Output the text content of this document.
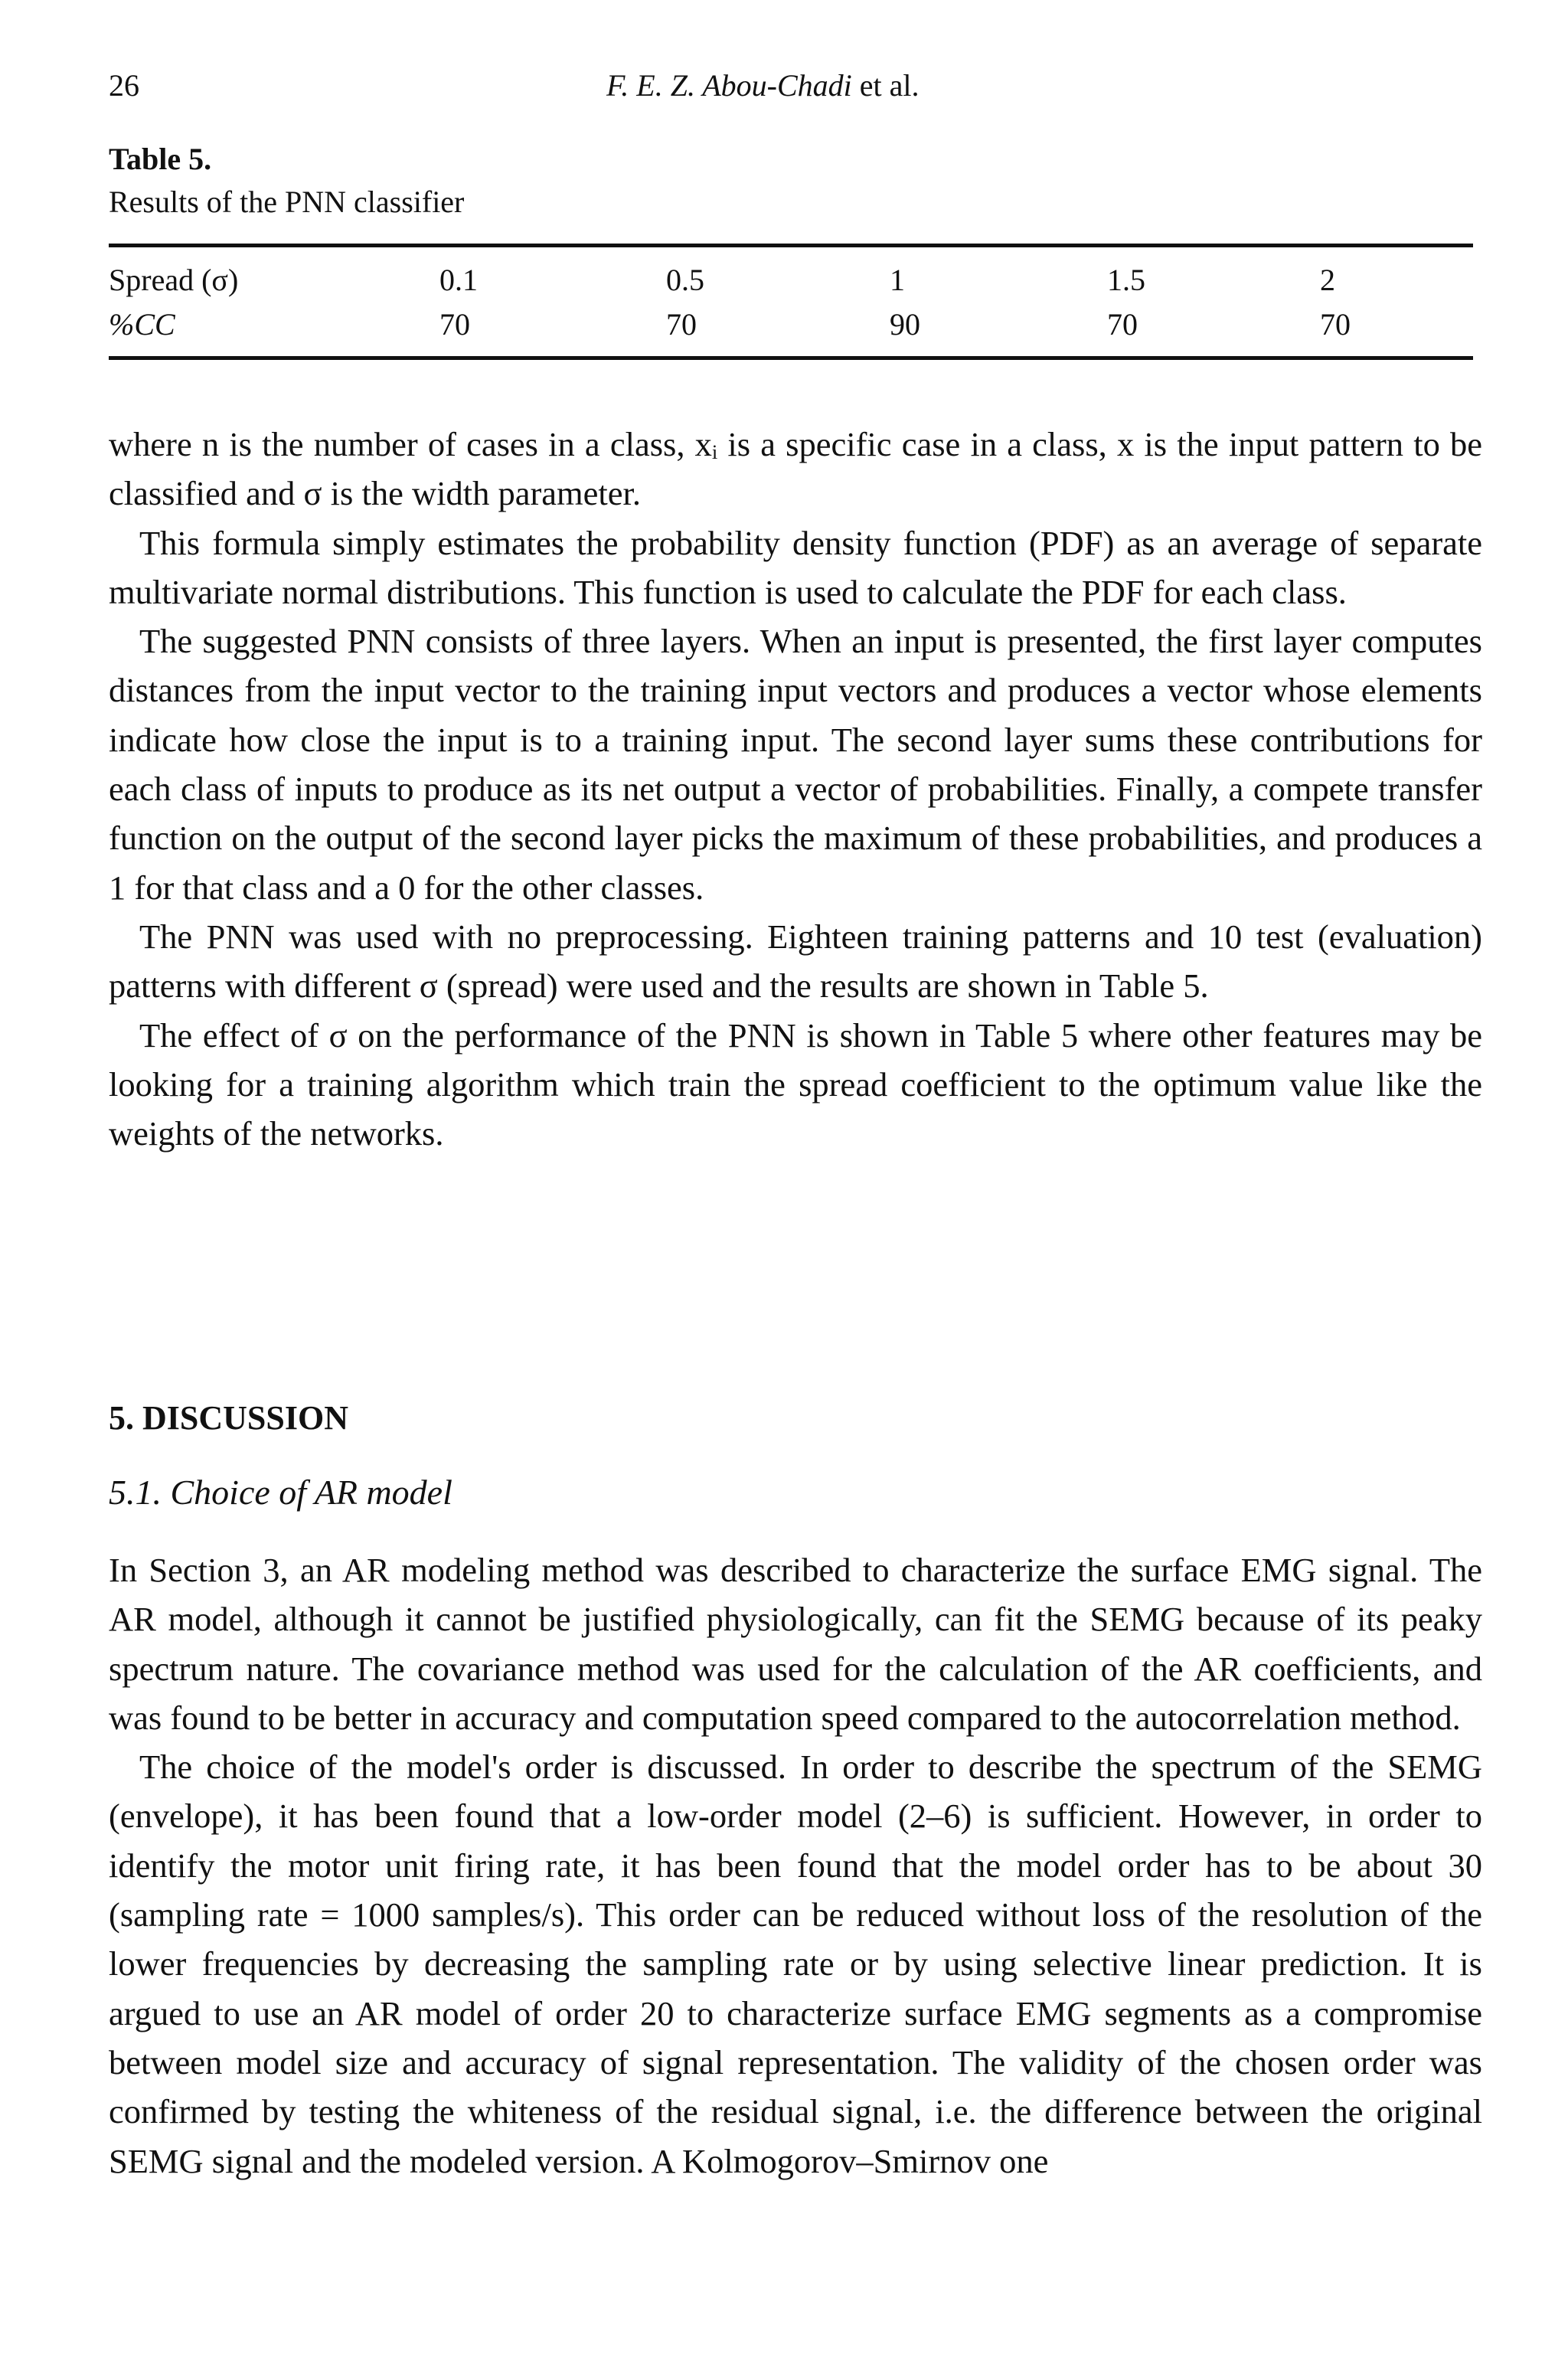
26	F. E. Z. Abou-Chadi et al.
Table 5.
Results of the PNN classifier
Spread (σ)	0.1	0.5	1	1.5	2
%CC	70	70	90	70	70

where n is the number of cases in a class, xᵢ is a specific case in a class, x is the input pattern to be classified and σ is the width parameter.

This formula simply estimates the probability density function (PDF) as an average of separate multivariate normal distributions. This function is used to calculate the PDF for each class.

The suggested PNN consists of three layers. When an input is presented, the first layer computes distances from the input vector to the training input vectors and produces a vector whose elements indicate how close the input is to a training input. The second layer sums these contributions for each class of inputs to produce as its net output a vector of probabilities. Finally, a compete transfer function on the output of the second layer picks the maximum of these probabilities, and produces a 1 for that class and a 0 for the other classes.

The PNN was used with no preprocessing. Eighteen training patterns and 10 test (evaluation) patterns with different σ (spread) were used and the results are shown in Table 5.

The effect of σ on the performance of the PNN is shown in Table 5 where other features may be looking for a training algorithm which train the spread coefficient to the optimum value like the weights of the networks.

5. DISCUSSION
5.1. Choice of AR model

In Section 3, an AR modeling method was described to characterize the surface EMG signal. The AR model, although it cannot be justified physiologically, can fit the SEMG because of its peaky spectrum nature. The covariance method was used for the calculation of the AR coefficients, and was found to be better in accuracy and computation speed compared to the autocorrelation method.

The choice of the model's order is discussed. In order to describe the spectrum of the SEMG (envelope), it has been found that a low-order model (2–6) is sufficient. However, in order to identify the motor unit firing rate, it has been found that the model order has to be about 30 (sampling rate = 1000 samples/s). This order can be reduced without loss of the resolution of the lower frequencies by decreasing the sampling rate or by using selective linear prediction. It is argued to use an AR model of order 20 to characterize surface EMG segments as a compromise between model size and accuracy of signal representation. The validity of the chosen order was confirmed by testing the whiteness of the residual signal, i.e. the difference between the original SEMG signal and the modeled version. A Kolmogorov–Smirnov one
